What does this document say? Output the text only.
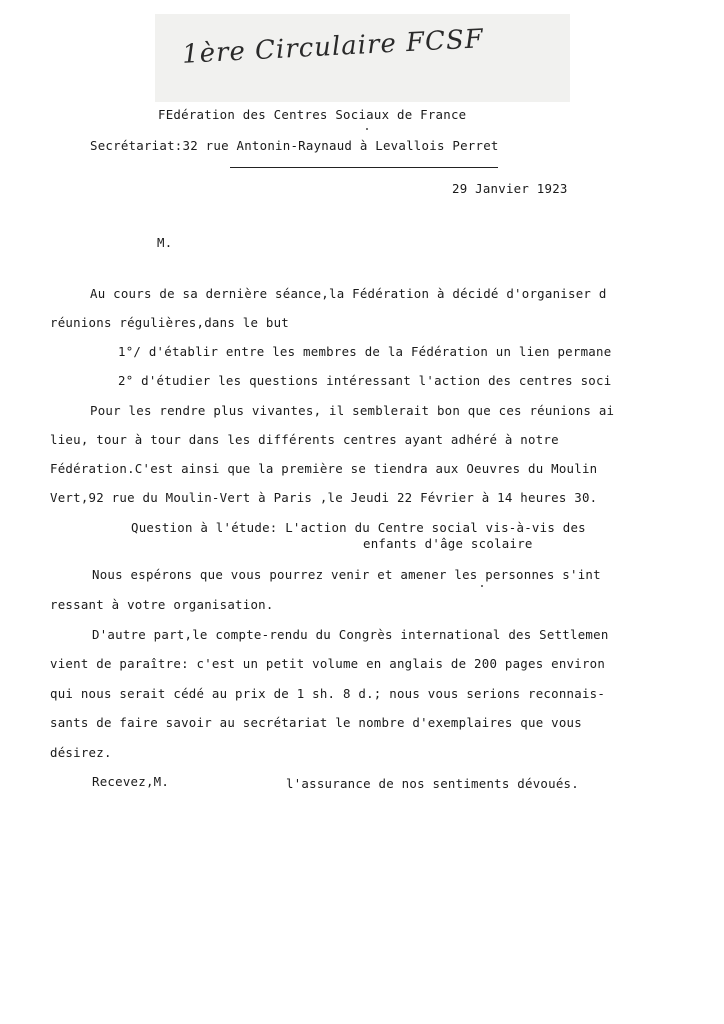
1ère Circulaire FCSF
FEdération des Centres Sociaux de France
Secrétariat:32 rue Antonin-Raynaud à Levallois Perret
29 Janvier 1923
M.
Au cours de sa dernière séance,la Fédération à décidé d'organiser d
réunions régulières,dans le but
1°/ d'établir entre les membres de la Fédération un lien permane
2° d'étudier les questions intéressant l'action des centres soci
Pour les rendre plus vivantes, il semblerait bon que ces réunions ai
lieu, tour à tour dans les différents centres ayant adhéré à notre
Fédération.C'est ainsi que la première se tiendra aux Oeuvres du Moulin
Vert,92 rue du Moulin-Vert à Paris ,le Jeudi 22 Février à 14 heures 30.
Question à l'étude: L'action du Centre social vis-à-vis des
enfants d'âge scolaire
Nous espérons que vous pourrez venir et amener les personnes s'int
ressant à votre organisation.
D'autre part,le compte-rendu du Congrès international des Settlemen
vient de paraître: c'est un petit volume en anglais de 200 pages environ
qui nous serait cédé au prix de 1 sh. 8 d.; nous vous serions reconnais-
sants de faire savoir au secrétariat le nombre d'exemplaires que vous
désirez.
Recevez,M.	l'assurance de nos sentiments dévoués.
